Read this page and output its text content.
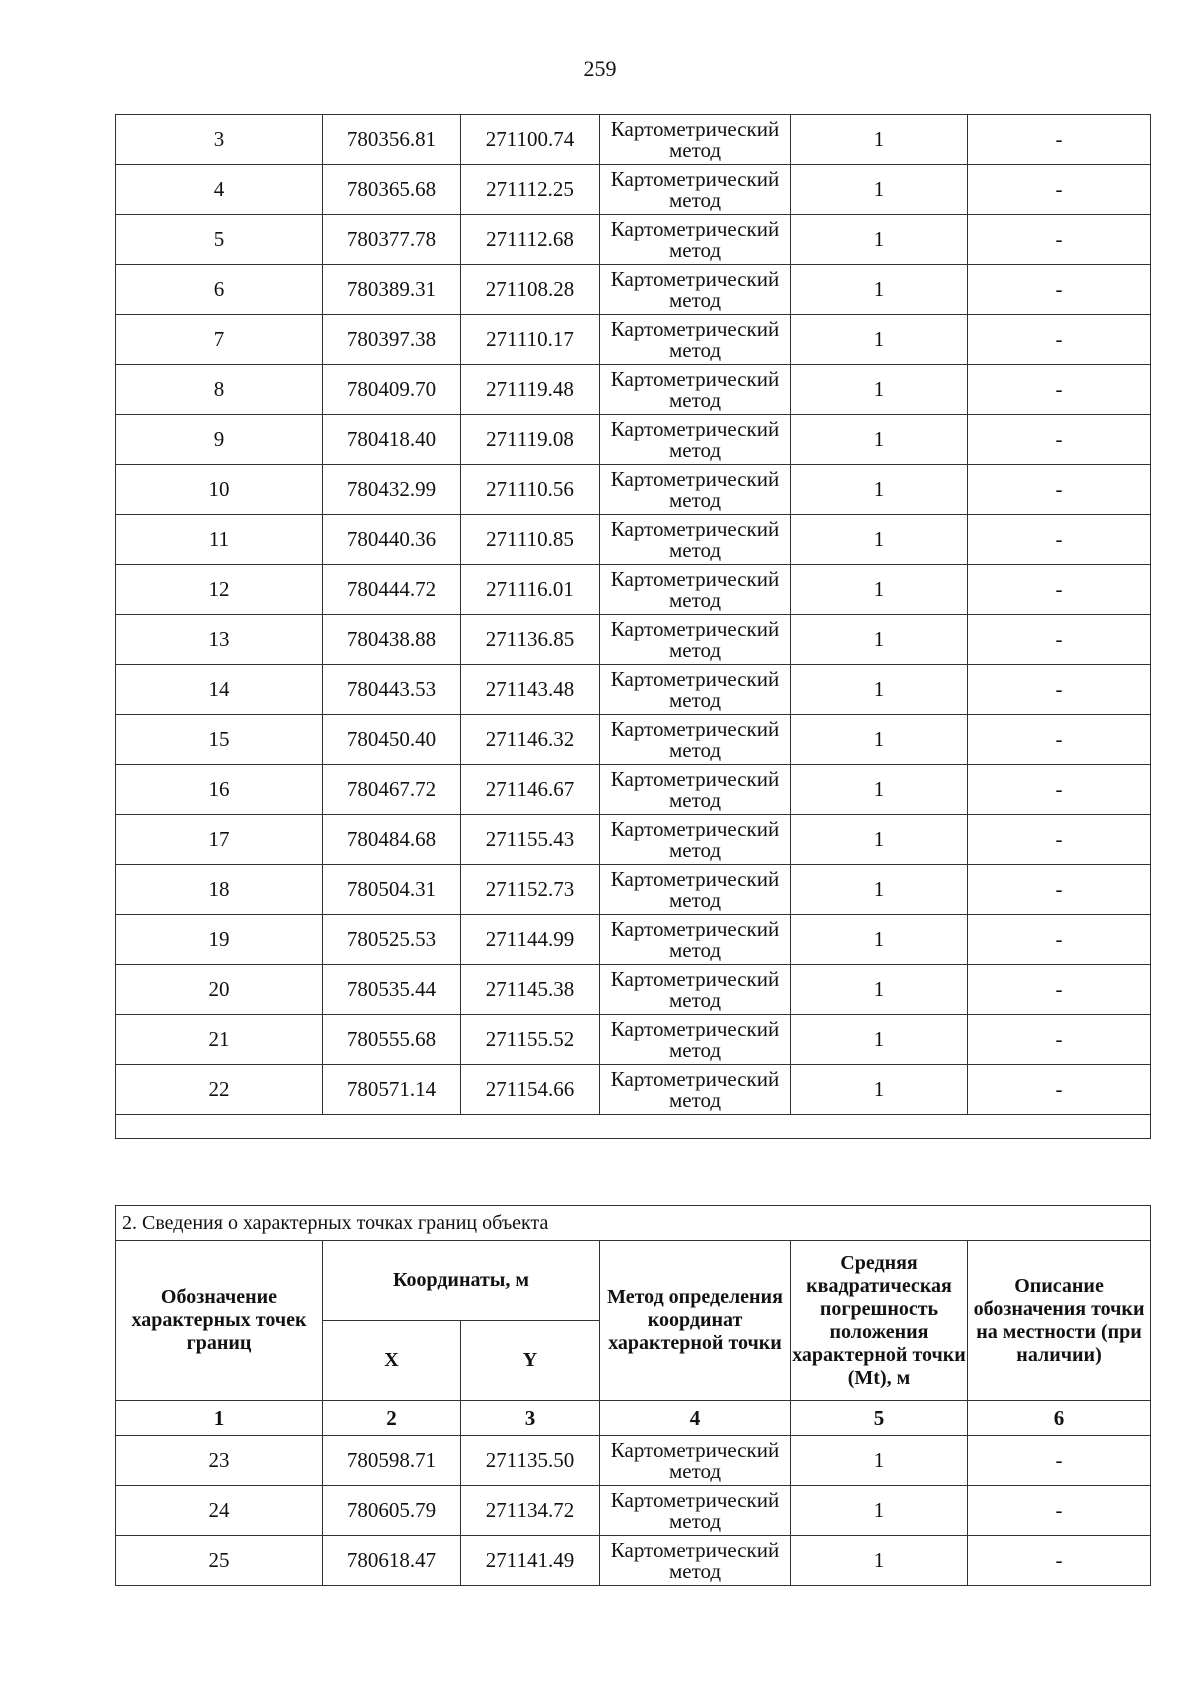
259
3	780356.81	271100.74	Картометрический метод	1	-
4	780365.68	271112.25	Картометрический метод	1	-
5	780377.78	271112.68	Картометрический метод	1	-
6	780389.31	271108.28	Картометрический метод	1	-
7	780397.38	271110.17	Картометрический метод	1	-
8	780409.70	271119.48	Картометрический метод	1	-
9	780418.40	271119.08	Картометрический метод	1	-
10	780432.99	271110.56	Картометрический метод	1	-
11	780440.36	271110.85	Картометрический метод	1	-
12	780444.72	271116.01	Картометрический метод	1	-
13	780438.88	271136.85	Картометрический метод	1	-
14	780443.53	271143.48	Картометрический метод	1	-
15	780450.40	271146.32	Картометрический метод	1	-
16	780467.72	271146.67	Картометрический метод	1	-
17	780484.68	271155.43	Картометрический метод	1	-
18	780504.31	271152.73	Картометрический метод	1	-
19	780525.53	271144.99	Картометрический метод	1	-
20	780535.44	271145.38	Картометрический метод	1	-
21	780555.68	271155.52	Картометрический метод	1	-
22	780571.14	271154.66	Картометрический метод	1	-

2. Сведения о характерных точках границ объекта					
Обозначение характерных точек границ	Координаты, м		Метод определения координат характерной точки	Средняя квадратическая погрешность положения характерной точки (Mt), м	Описание обозначения точки на местности (при наличии)
	X	Y			
1	2	3	4	5	6
23	780598.71	271135.50	Картометрический метод	1	-
24	780605.79	271134.72	Картометрический метод	1	-
25	780618.47	271141.49	Картометрический метод	1	-
